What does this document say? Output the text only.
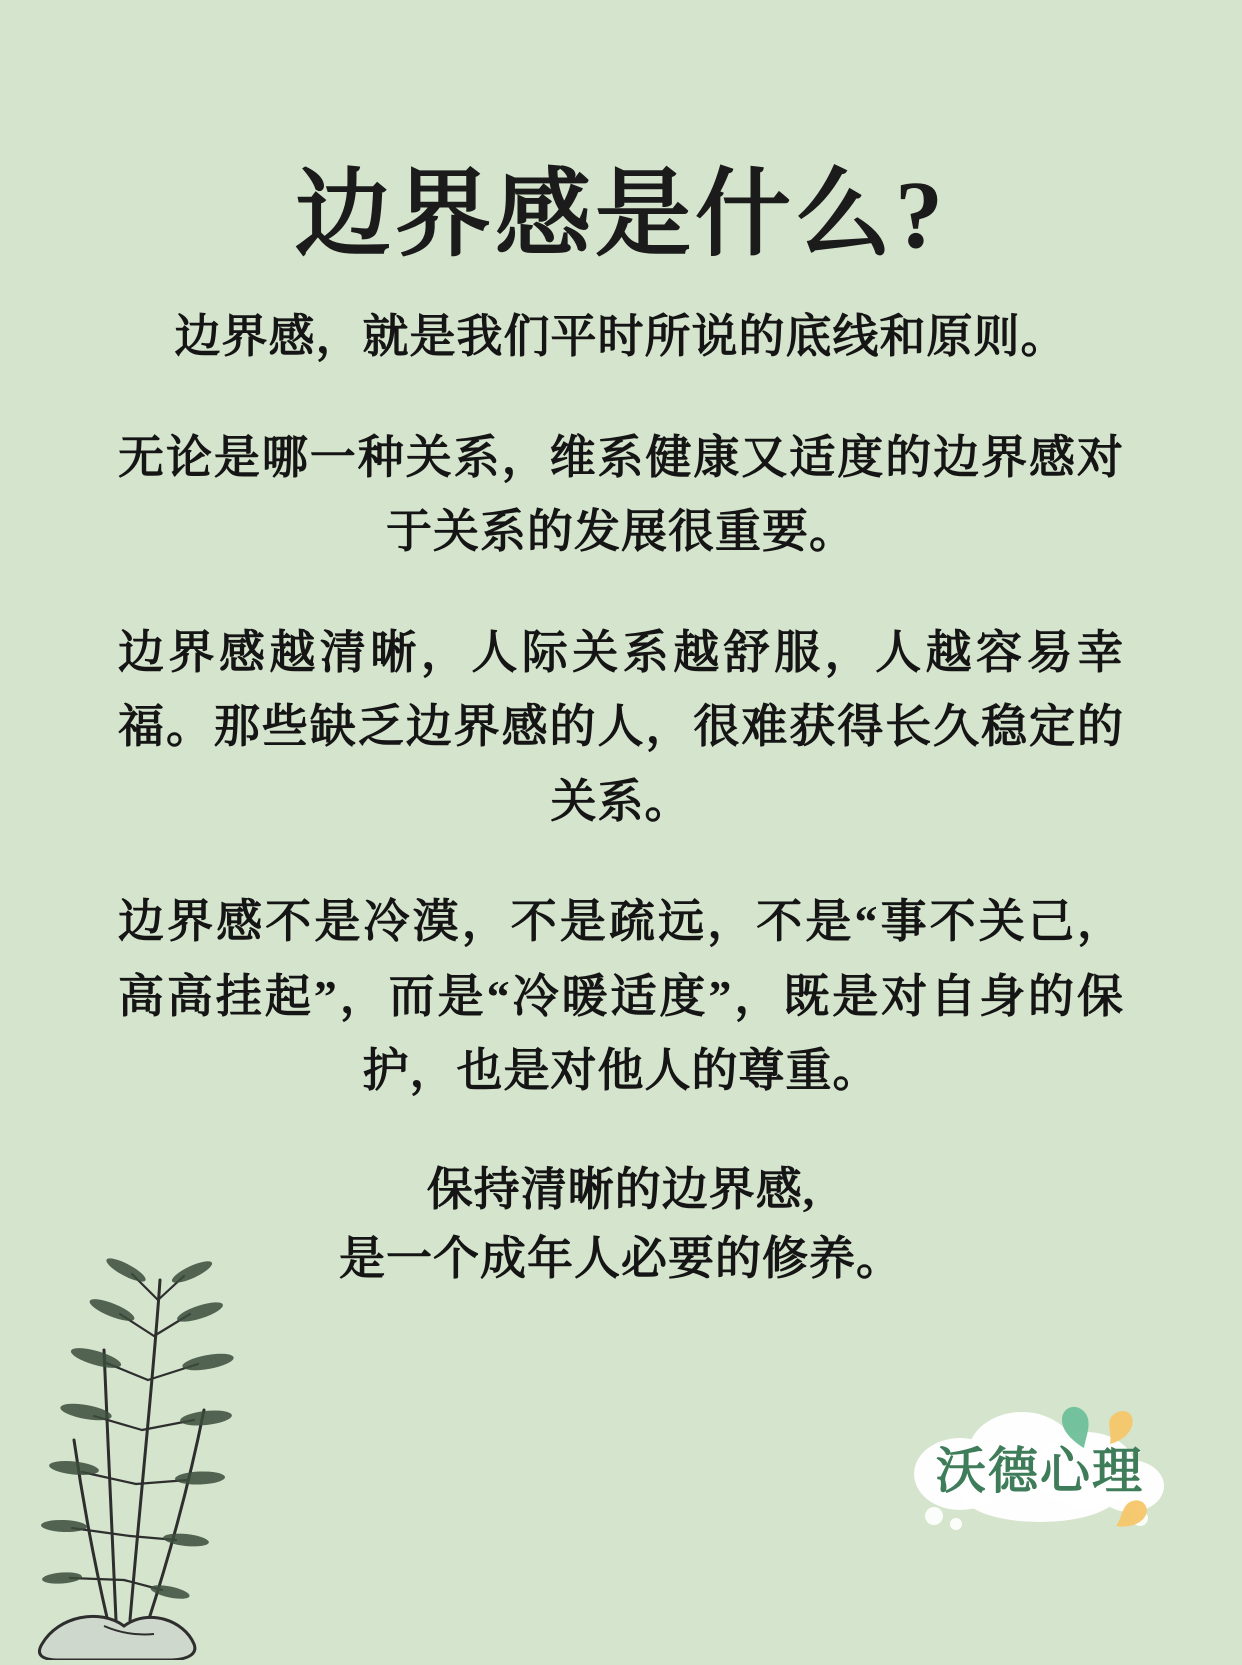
边界感是什么?
边界感，就是我们平时所说的底线和原则。
无论是哪一种关系，维系健康又适度的边界感对于关系的发展很重要。
边界感越清晰，人际关系越舒服，人越容易幸福。那些缺乏边界感的人，很难获得长久稳定的关系。
边界感不是冷漠，不是疏远，不是“事不关己，高高挂起”，而是“冷暖适度”，既是对自身的保护，也是对他人的尊重。
保持清晰的边界感,
是一个成年人必要的修养。
沃德心理
